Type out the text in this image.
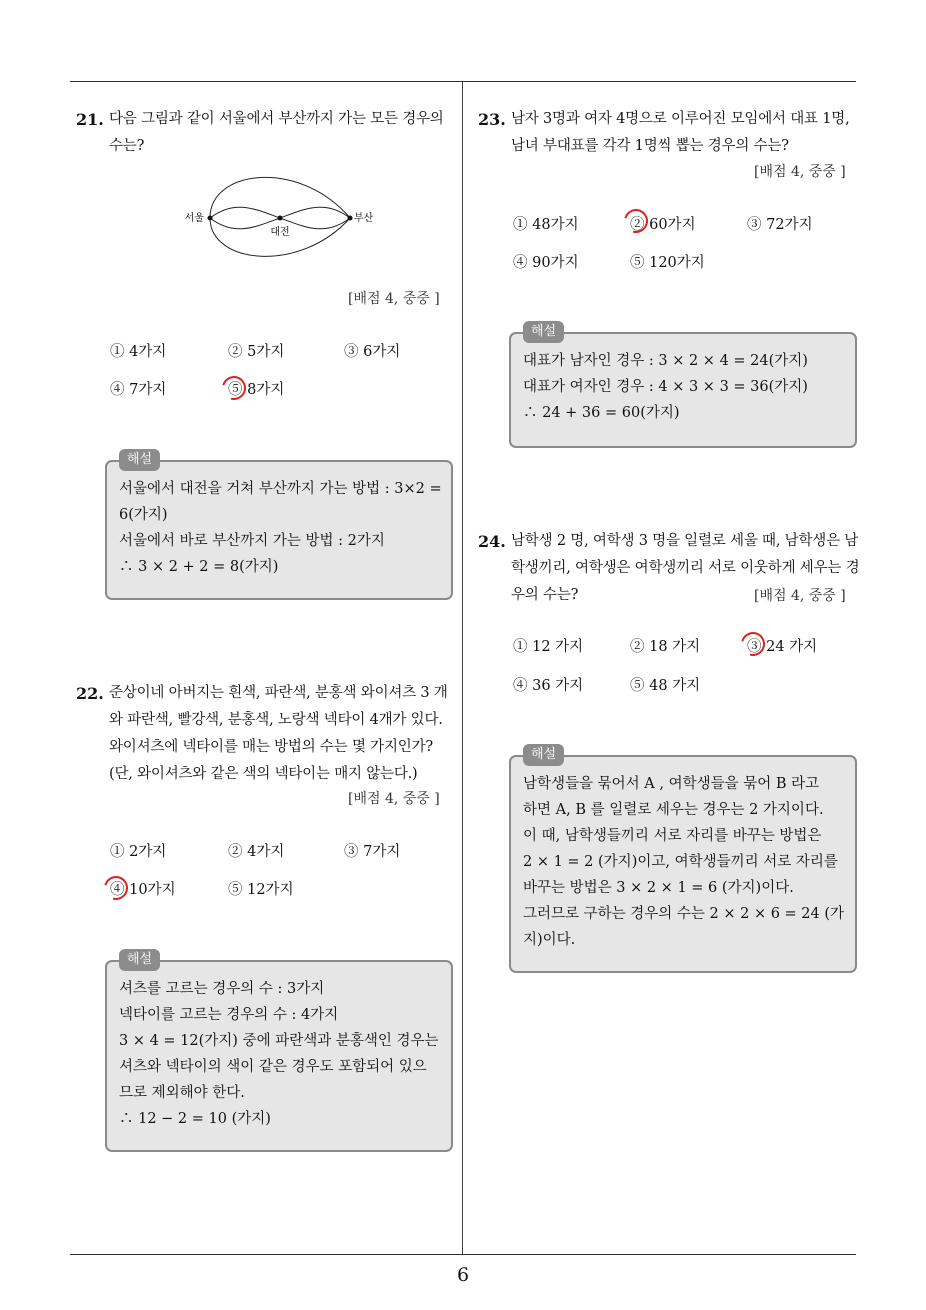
6
21. 다음 그림과 같이 서울에서 부산까지 가는 모든 경우의 수는?
서울
대전
부산
[배점 4, 중중 ]
① 4가지	② 5가지	③ 6가지
④ 7가지	⑤ 8가지
해설
서울에서 대전을 거쳐 부산까지 가는 방법 : 3×2 =
6(가지)
서울에서 바로 부산까지 가는 방법 : 2가지
∴ 3 × 2 + 2 = 8(가지)
22. 준상이네 아버지는 흰색, 파란색, 분홍색 와이셔츠 3 개와 파란색, 빨강색, 분홍색, 노랑색 넥타이 4개가 있다. 와이셔츠에 넥타이를 매는 방법의 수는 몇 가지인가?(단, 와이셔츠와 같은 색의 넥타이는 매지 않는다.)
[배점 4, 중중 ]
① 2가지	② 4가지	③ 7가지
④ 10가지	⑤ 12가지
해설
셔츠를 고르는 경우의 수 : 3가지
넥타이를 고르는 경우의 수 : 4가지
3 × 4 = 12(가지) 중에 파란색과 분홍색인 경우는
셔츠와 넥타이의 색이 같은 경우도 포함되어 있으
므로 제외해야 한다.
∴ 12 − 2 = 10 (가지)
23. 남자 3명과 여자 4명으로 이루어진 모임에서 대표 1명, 남녀 부대표를 각각 1명씩 뽑는 경우의 수는?
[배점 4, 중중 ]
① 48가지	② 60가지	③ 72가지
④ 90가지	⑤ 120가지
해설
대표가 남자인 경우 : 3 × 2 × 4 = 24(가지)
대표가 여자인 경우 : 4 × 3 × 3 = 36(가지)
∴ 24 + 36 = 60(가지)
24. 남학생 2 명, 여학생 3 명을 일렬로 세울 때, 남학생은 남학생끼리, 여학생은 여학생끼리 서로 이웃하게 세우는 경우의 수는?	[배점 4, 중중 ]
① 12 가지	② 18 가지	③ 24 가지
④ 36 가지	⑤ 48 가지
해설
남학생들을 묶어서 A , 여학생들을 묶어 B 라고
하면 A, B 를 일렬로 세우는 경우는 2 가지이다.
이 때, 남학생들끼리 서로 자리를 바꾸는 방법은
2 × 1 = 2 (가지)이고, 여학생들끼리 서로 자리를
바꾸는 방법은 3 × 2 × 1 = 6 (가지)이다.
그러므로 구하는 경우의 수는 2 × 2 × 6 = 24 (가
지)이다.
